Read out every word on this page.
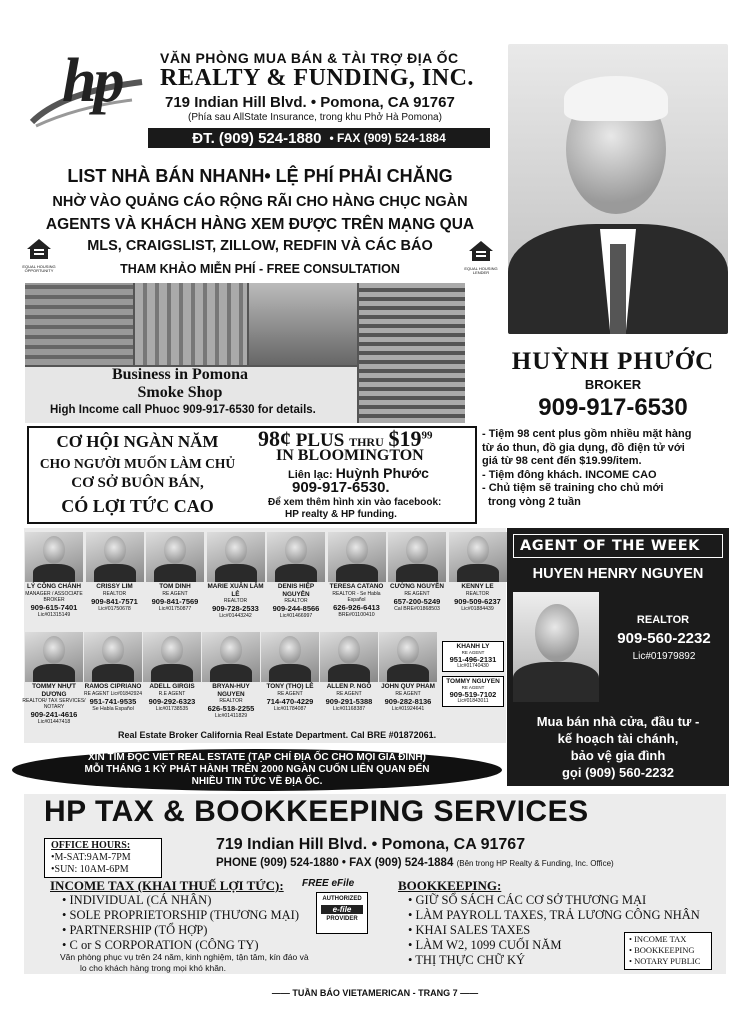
hp	VĂN PHÒNG MUA BÁN & TÀI TRỢ ĐỊA ỐC
REALTY & FUNDING, INC.
719 Indian Hill Blvd. • Pomona, CA 91767
(Phía sau AllState Insurance, trong khu Phở Hà Pomona)
ĐT. (909) 524-1880 • FAX (909) 524-1884
LIST NHÀ BÁN NHANH• LỆ PHÍ PHẢI CHĂNG
NHỜ VÀO QUẢNG CÁO RỘNG RÃI CHO HÀNG CHỤC NGÀN
AGENTS VÀ KHÁCH HÀNG XEM ĐƯỢC TRÊN MẠNG QUA
MLS, CRAIGSLIST, ZILLOW, REDFIN VÀ CÁC BÁO
THAM KHẢO MIỄN PHÍ - FREE CONSULTATION
EQUAL HOUSING OPPORTUNITY	EQUAL HOUSING LENDER
Business in Pomona
Smoke Shop
High Income call Phuoc 909-917-6530 for details.
HUỲNH PHƯỚC
BROKER
909-917-6530
CƠ HỘI NGÀN NĂM
CHO NGƯỜI MUỐN LÀM CHỦ
CƠ SỞ BUÔN BÁN,
CÓ LỢI TỨC CAO
98¢ PLUS THRU $\$19^{99}$
IN BLOOMINGTON
Liên lạc: Huỳnh Phước
909-917-6530.
Để xem thêm hình xin vào facebook:
HP realty & HP funding.
- Tiệm 98 cent plus gồm nhiều mặt hàng
từ áo thun, đồ gia dụng, đồ điện tử với
giá từ 98 cent đến $19.99/item.
- Tiệm đông khách. INCOME CAO
- Chủ tiệm sẽ training cho chủ mới
trong vòng 2 tuần
LÝ CÔNG CHÁNH
MANAGER / ASSOCIATE BROKER
909-615-7401
Lic#01315149
CRISSY LIM
REALTOR
909-841-7571
Lic#01750678
TOM DINH
RE AGENT
909-841-7569
Lic#01750877
MARIE XUÂN LÂM LÊ
REALTOR
909-728-2533
Lic#01443242
DENIS HIỆP NGUYỄN
REALTOR
909-244-8566
Lic#01466997
TERESA CATANO
REALTOR - Se Habla Español
626-926-6413
BRE#01100410
CƯỜNG NGUYỄN
RE AGENT
657-200-5249
Cal BRE#01868503
KENNY LE
REALTOR
909-509-6237
Lic#01884439
TOMMY NHỰT DƯƠNG
REALTOR/ TAX SERVICES/ NOTARY
909-241-4616
Lic#01447418
RAMOS CIPRIANO
RE AGENT Lic#01842924
951-741-9535
Se Habla Español
ADELL GIRGIS
R.E AGENT
909-292-6323
Lic#01738535
BRYAN-HUY NGUYEN
REALTOR
626-518-2255
Lic#01411829
TONY (THỌ) LÊ
RE AGENT
714-470-4229
Lic#01784087
ALLEN P. NGÔ
RE AGENT
909-291-5388
Lic#01168387
JOHN QUY PHAM
RE AGENT
909-282-8136
Lic#01924641
KHANH LY
RE AGENT
951-496-2131
Lic#01740430
TOMMY NGUYEN
RE AGENT
909-519-7102
Lic#01843011
Real Estate Broker California Real Estate Department. Cal BRE #01872061.
AGENT OF THE WEEK
HUYEN HENRY NGUYEN
REALTOR
909-560-2232
Lic#01979892
Mua bán nhà cửa, đầu tư -
kế hoạch tài chánh,
bảo vệ gia đình
gọi (909) 560-2232
XIN TÌM ĐỌC VIET REAL ESTATE (TẠP CHÍ ĐỊA ỐC CHO MỌI GIA ĐÌNH)
MỖI THÁNG 1 KỲ PHÁT HÀNH TRÊN 2000 NGÀN CUỐN LIÊN QUAN ĐẾN
NHIỀU TIN TỨC VỀ ĐỊA ỐC.
HP TAX & BOOKKEEPING SERVICES
OFFICE HOURS:
•M-SAT:9AM-7PM
•SUN: 10AM-6PM
719 Indian Hill Blvd. • Pomona, CA 91767
PHONE (909) 524-1880 • FAX (909) 524-1884 (Bên trong HP Realty & Funding, Inc. Office)
INCOME TAX (KHAI THUẾ LỢI TỨC):
• INDIVIDUAL (CÁ NHÂN)
• SOLE PROPRIETORSHIP (THƯƠNG MẠI)
• PARTNERSHIP (TỔ HỢP)
• C or S CORPORATION (CÔNG TY)
Văn phòng phục vụ trên 24 năm, kinh nghiệm, tận tâm, kín đáo và
lo cho khách hàng trong mọi khó khăn.
FREE eFile
AUTHORIZED
e-file
PROVIDER
BOOKKEEPING:
• GIỮ SỔ SÁCH CÁC CƠ SỞ THƯƠNG MẠI
• LÀM PAYROLL TAXES, TRẢ LƯƠNG CÔNG NHÂN
• KHAI SALES TAXES
• LÀM W2, 1099 CUỐI NĂM
• THỊ THỰC CHỮ KÝ
• INCOME TAX
• BOOKKEEPING
• NOTARY PUBLIC
—— TUẦN BÁO VIETAMERICAN - TRANG 7 ——
